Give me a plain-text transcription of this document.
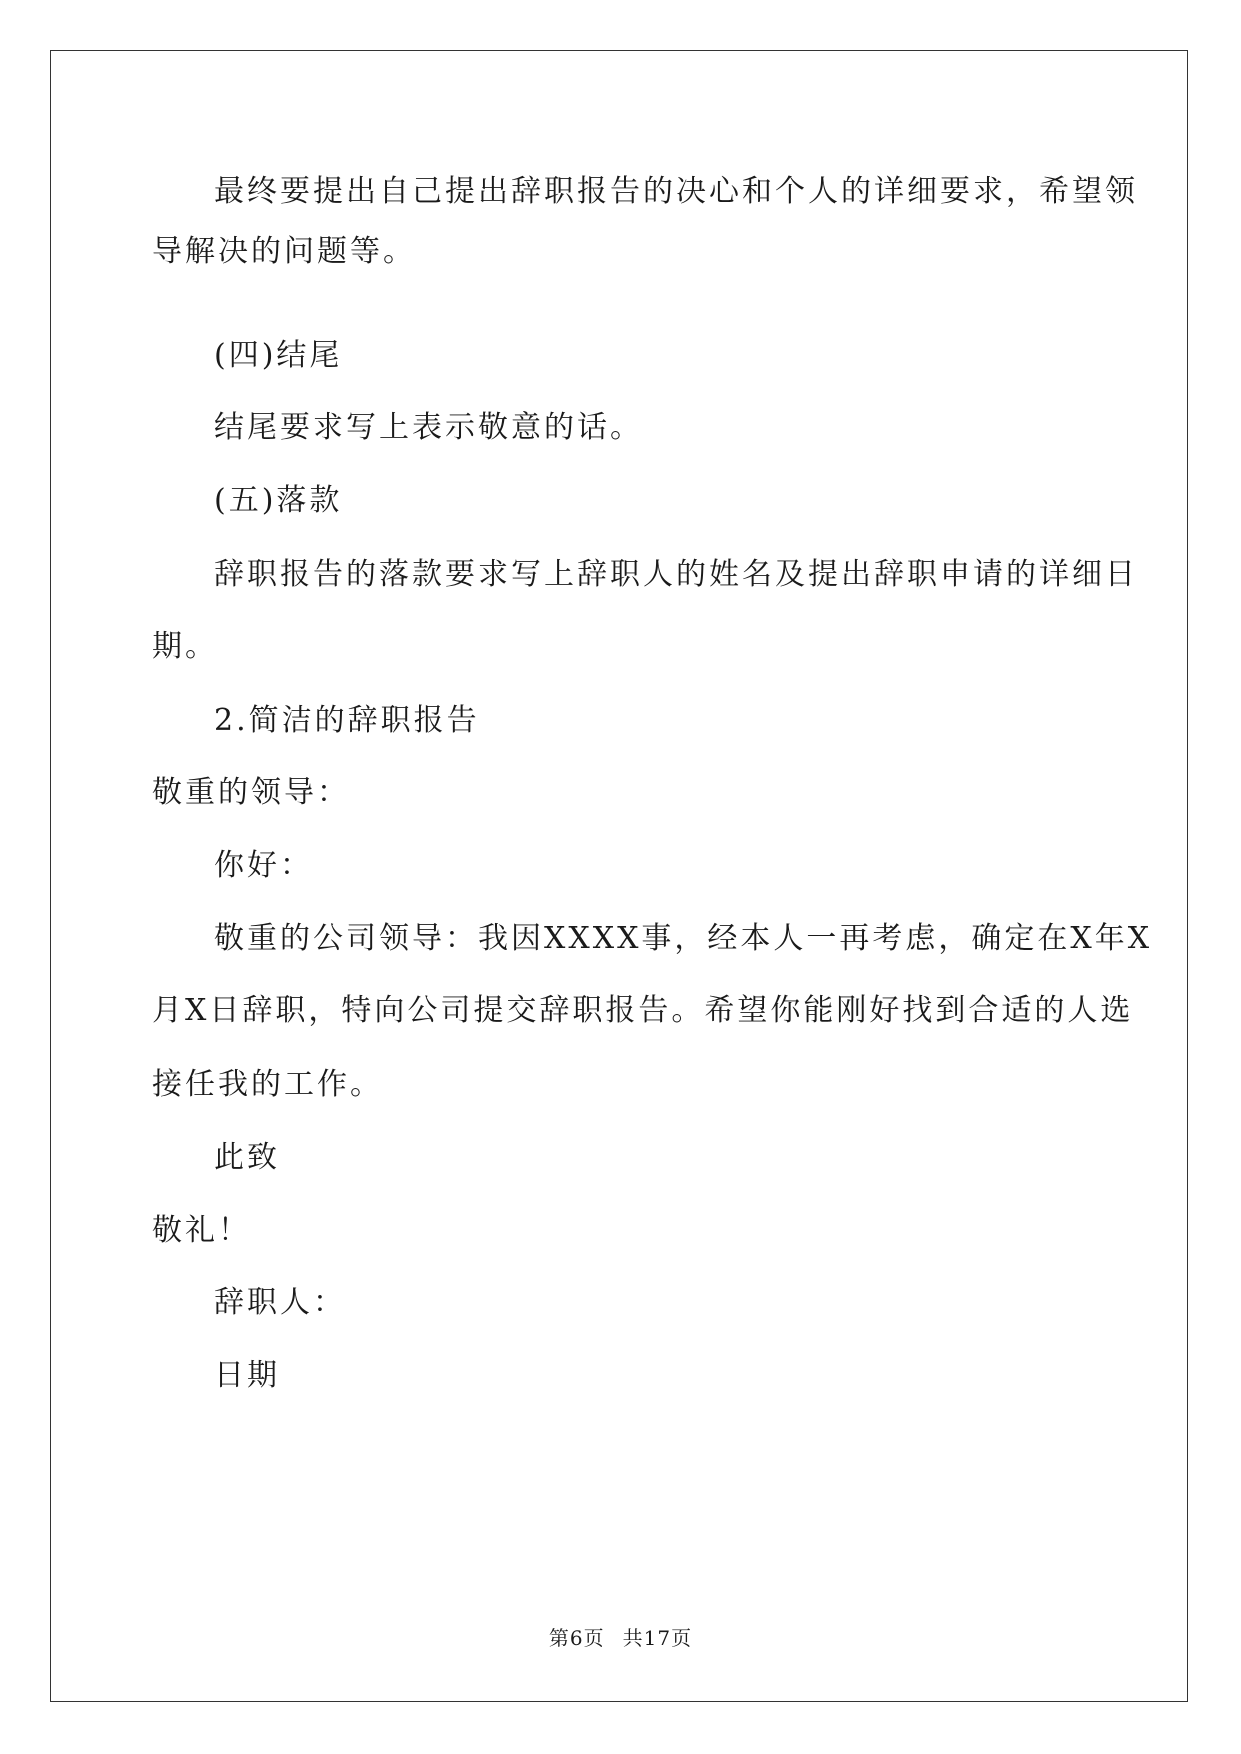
最终要提出自己提出辞职报告的决心和个人的详细要求，希望领
导解决的问题等。
(四)结尾
结尾要求写上表示敬意的话。
(五)落款
辞职报告的落款要求写上辞职人的姓名及提出辞职申请的详细日
期。
2.简洁的辞职报告
敬重的领导：
你好：
敬重的公司领导：我因XXXX事，经本人一再考虑，确定在X年X
月X日辞职，特向公司提交辞职报告。希望你能刚好找到合适的人选
接任我的工作。
此致
敬礼！
辞职人：
日期
第6页 共17页
